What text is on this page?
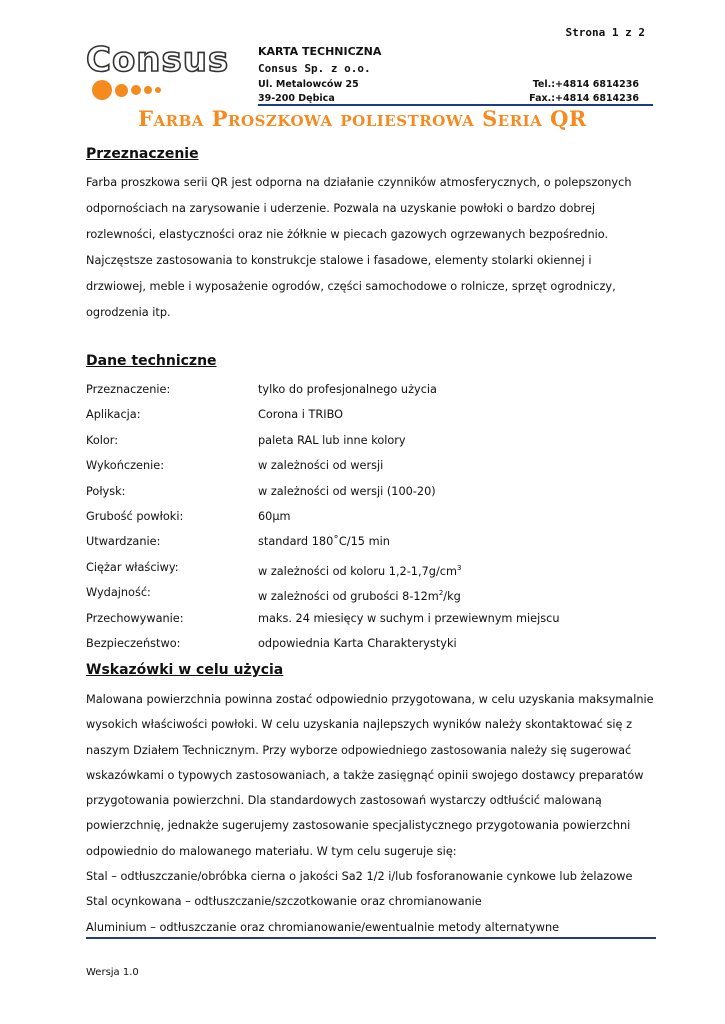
Strona 1 z 2
Consus	KARTA TECHNICZNA
Consus Sp. z o.o.
Ul. Metalowców 25
39-200 Dębica
Tel.:+4814 6814236
Fax.:+4814 6814236
Farba Proszkowa poliestrowa Seria QR
Przeznaczenie
Farba proszkowa serii QR jest odporna na działanie czynników atmosferycznych, o polepszonych
odpornościach na zarysowanie i uderzenie. Pozwala na uzyskanie powłoki o bardzo dobrej
rozlewności, elastyczności oraz nie żółknie w piecach gazowych ogrzewanych bezpośrednio.
Najczęstsze zastosowania to konstrukcje stalowe i fasadowe, elementy stolarki okiennej i
drzwiowej, meble i wyposażenie ogrodów, części samochodowe o rolnicze, sprzęt ogrodniczy,
ogrodzenia itp.
Dane techniczne
Przeznaczenie:	tylko do profesjonalnego użycia
Aplikacja:	Corona i TRIBO
Kolor:	paleta RAL lub inne kolory
Wykończenie:	w zależności od wersji
Połysk:	w zależności od wersji (100-20)
Grubość powłoki:	60µm
Utwardzanie:	standard 180˚C/15 min
Ciężar właściwy:	w zależności od koloru $1,2-1,7g/cm^3$
Wydajność:	w zależności od grubości $8-12m^2/kg$
Przechowywanie:	maks. 24 miesięcy w suchym i przewiewnym miejscu
Bezpieczeństwo:	odpowiednia Karta Charakterystyki
Wskazówki w celu użycia
Malowana powierzchnia powinna zostać odpowiednio przygotowana, w celu uzyskania maksymalnie
wysokich właściwości powłoki. W celu uzyskania najlepszych wyników należy skontaktować się z
naszym Działem Technicznym. Przy wyborze odpowiedniego zastosowania należy się sugerować
wskazówkami o typowych zastosowaniach, a także zasięgnąć opinii swojego dostawcy preparatów
przygotowania powierzchni. Dla standardowych zastosowań wystarczy odtłuścić malowaną
powierzchnię, jednakże sugerujemy zastosowanie specjalistycznego przygotowania powierzchni
odpowiednio do malowanego materiału. W tym celu sugeruje się:
Stal – odtłuszczanie/obróbka cierna o jakości Sa2 1/2 i/lub fosforanowanie cynkowe lub żelazowe
Stal ocynkowana – odtłuszczanie/szczotkowanie oraz chromianowanie
Aluminium – odtłuszczanie oraz chromianowanie/ewentualnie metody alternatywne
Wersja 1.0
